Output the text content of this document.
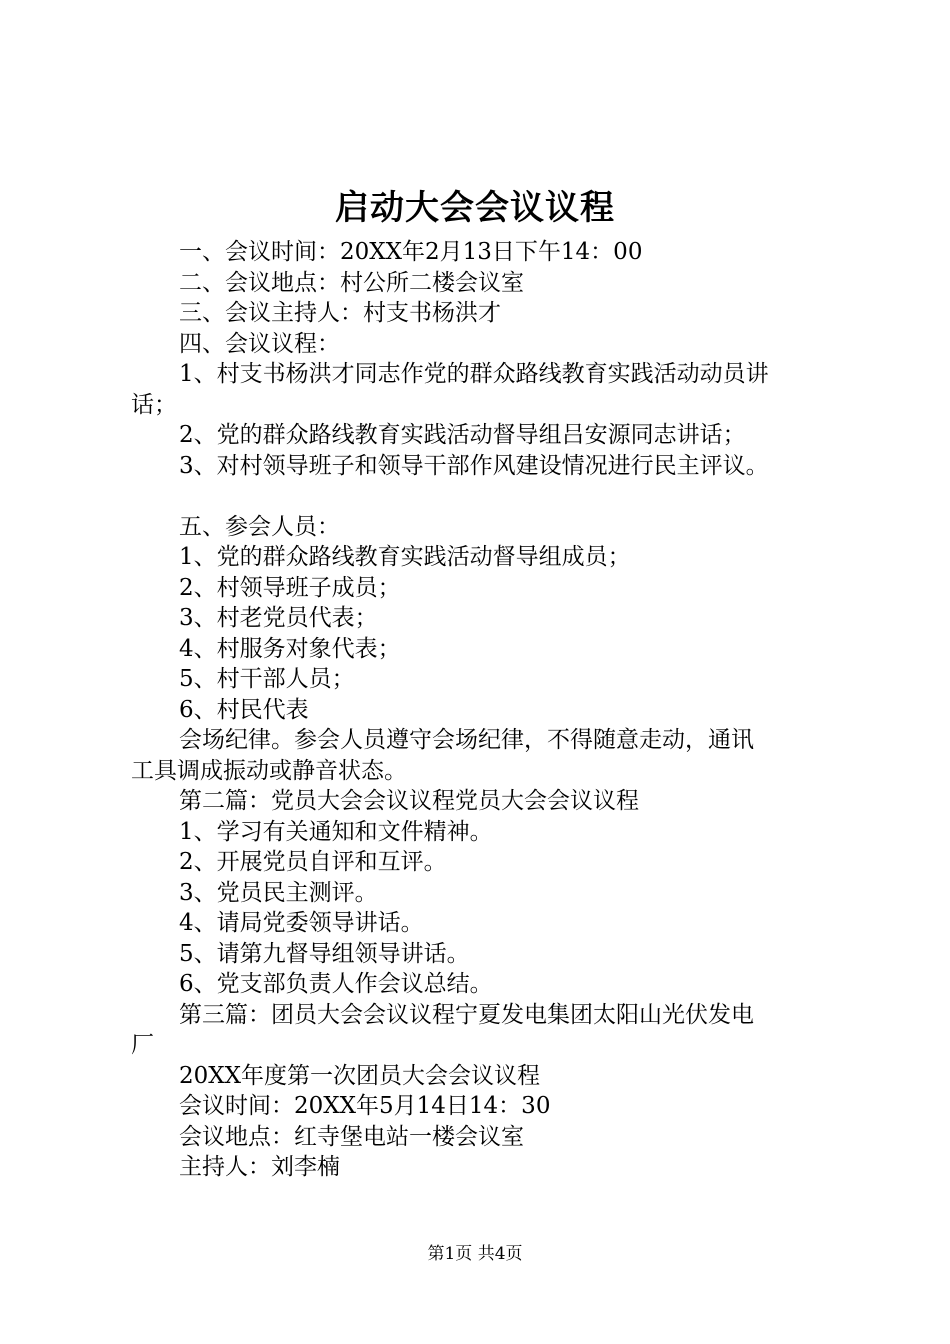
启动大会会议议程
一、会议时间：20XX年2月13日下午14：00
二、会议地点：村公所二楼会议室
三、会议主持人：村支书杨洪才
四、会议议程：
1、村支书杨洪才同志作党的群众路线教育实践活动动员讲
话；
2、党的群众路线教育实践活动督导组吕安源同志讲话；
3、对村领导班子和领导干部作风建设情况进行民主评议。
五、参会人员：
1、党的群众路线教育实践活动督导组成员；
2、村领导班子成员；
3、村老党员代表；
4、村服务对象代表；
5、村干部人员；
6、村民代表
会场纪律。参会人员遵守会场纪律，不得随意走动，通讯
工具调成振动或静音状态。
第二篇：党员大会会议议程党员大会会议议程
1、学习有关通知和文件精神。
2、开展党员自评和互评。
3、党员民主测评。
4、请局党委领导讲话。
5、请第九督导组领导讲话。
6、党支部负责人作会议总结。
第三篇：团员大会会议议程宁夏发电集团太阳山光伏发电
厂
20XX年度第一次团员大会会议议程
会议时间：20XX年5月14日14：30
会议地点：红寺堡电站一楼会议室
主持人：刘李楠
第1页 共4页
